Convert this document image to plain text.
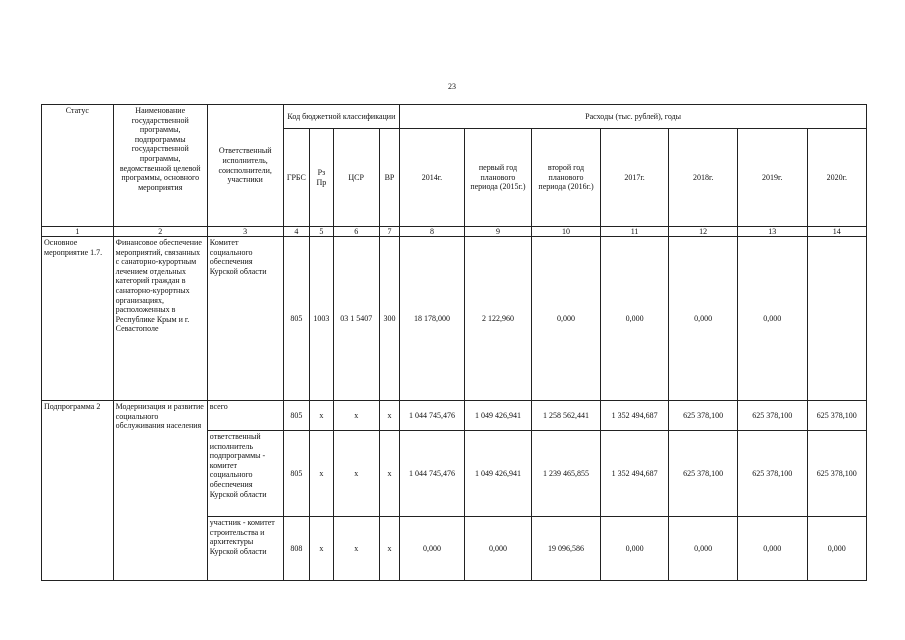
23
Статус	Наименование государственной программы, подпрограммы государственной программы, ведомственной целевой программы, основного мероприятия	Ответственный исполнитель, соисполнители, участники	Код бюджетной классификации				Расходы (тыс. рублей), годы						
			ГРБС	Рз Пр	ЦСР	ВР	2014г.	первый год планового периода (2015г.)	второй год планового периода (2016г.)	2017г.	2018г.	2019г.	2020г.
1	2	3	4	5	6	7	8	9	10	11	12	13	14
Основное мероприятие 1.7.	Финансовое обеспечение мероприятий, связанных с санаторно-курортным лечением отдельных категорий граждан в санаторно-курортных организациях, расположенных в Республике Крым и г. Севастополе	Комитет социального обеспечения Курской области	805	1003	03 1 5407	300	18 178,000	2 122,960	0,000	0,000	0,000	0,000	
Подпрограмма 2	Модернизация и развитие социального обслуживания населения	всего	805	x	x	x	1 044 745,476	1 049 426,941	1 258 562,441	1 352 494,687	625 378,100	625 378,100	625 378,100
		ответственный исполнитель подпрограммы - комитет социального обеспечения Курской области	805	x	x	x	1 044 745,476	1 049 426,941	1 239 465,855	1 352 494,687	625 378,100	625 378,100	625 378,100
		участник - комитет строительства и архитектуры Курской области	808	x	x	x	0,000	0,000	19 096,586	0,000	0,000	0,000	0,000
